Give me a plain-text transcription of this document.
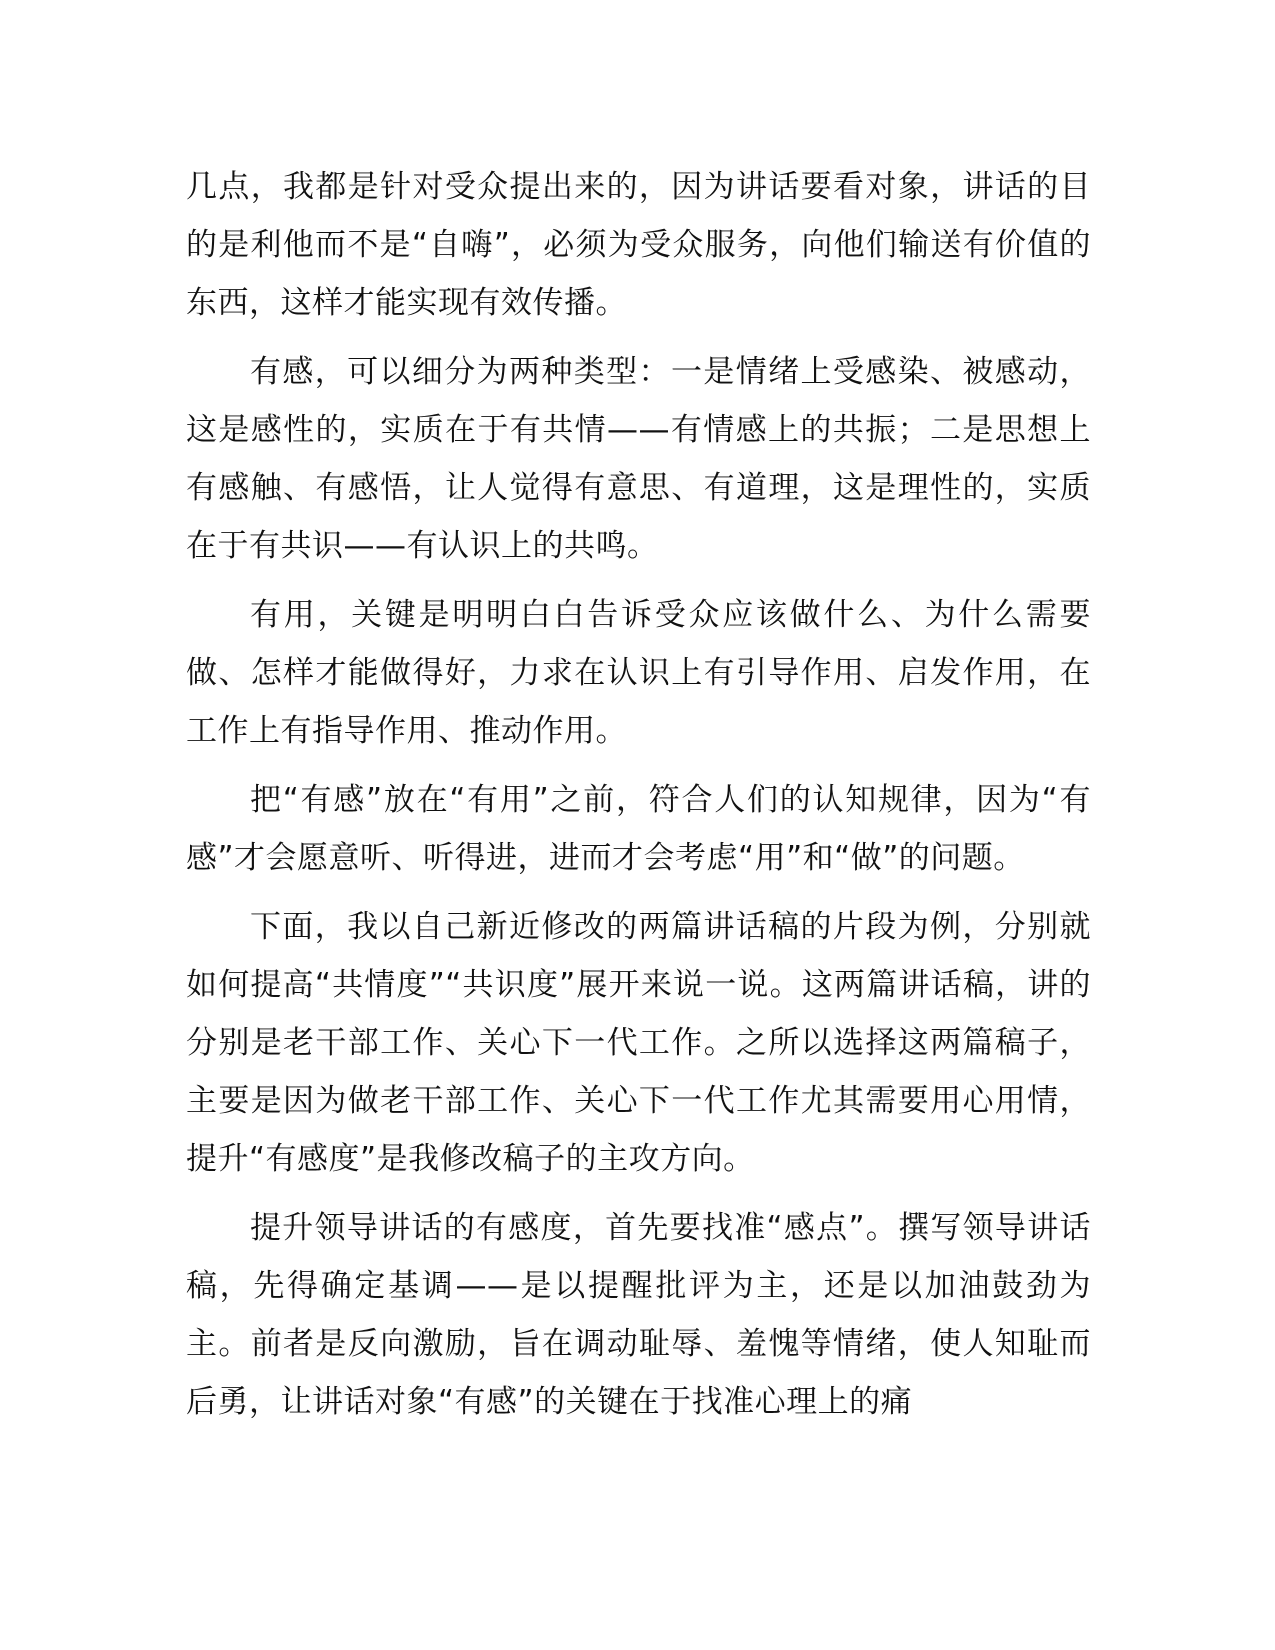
几点，我都是针对受众提出来的，因为讲话要看对象，讲话的目的是利他而不是“自嗨”，必须为受众服务，向他们输送有价值的东西，这样才能实现有效传播。

有感，可以细分为两种类型：一是情绪上受感染、被感动，这是感性的，实质在于有共情——有情感上的共振；二是思想上有感触、有感悟，让人觉得有意思、有道理，这是理性的，实质在于有共识——有认识上的共鸣。

有用，关键是明明白白告诉受众应该做什么、为什么需要做、怎样才能做得好，力求在认识上有引导作用、启发作用，在工作上有指导作用、推动作用。

把“有感”放在“有用”之前，符合人们的认知规律，因为“有感”才会愿意听、听得进，进而才会考虑“用”和“做”的问题。

下面，我以自己新近修改的两篇讲话稿的片段为例，分别就如何提高“共情度”“共识度”展开来说一说。这两篇讲话稿，讲的分别是老干部工作、关心下一代工作。之所以选择这两篇稿子，主要是因为做老干部工作、关心下一代工作尤其需要用心用情，提升“有感度”是我修改稿子的主攻方向。

提升领导讲话的有感度，首先要找准“感点”。撰写领导讲话稿，先得确定基调——是以提醒批评为主，还是以加油鼓劲为主。前者是反向激励，旨在调动耻辱、羞愧等情绪，使人知耻而后勇，让讲话对象“有感”的关键在于找准心理上的痛
